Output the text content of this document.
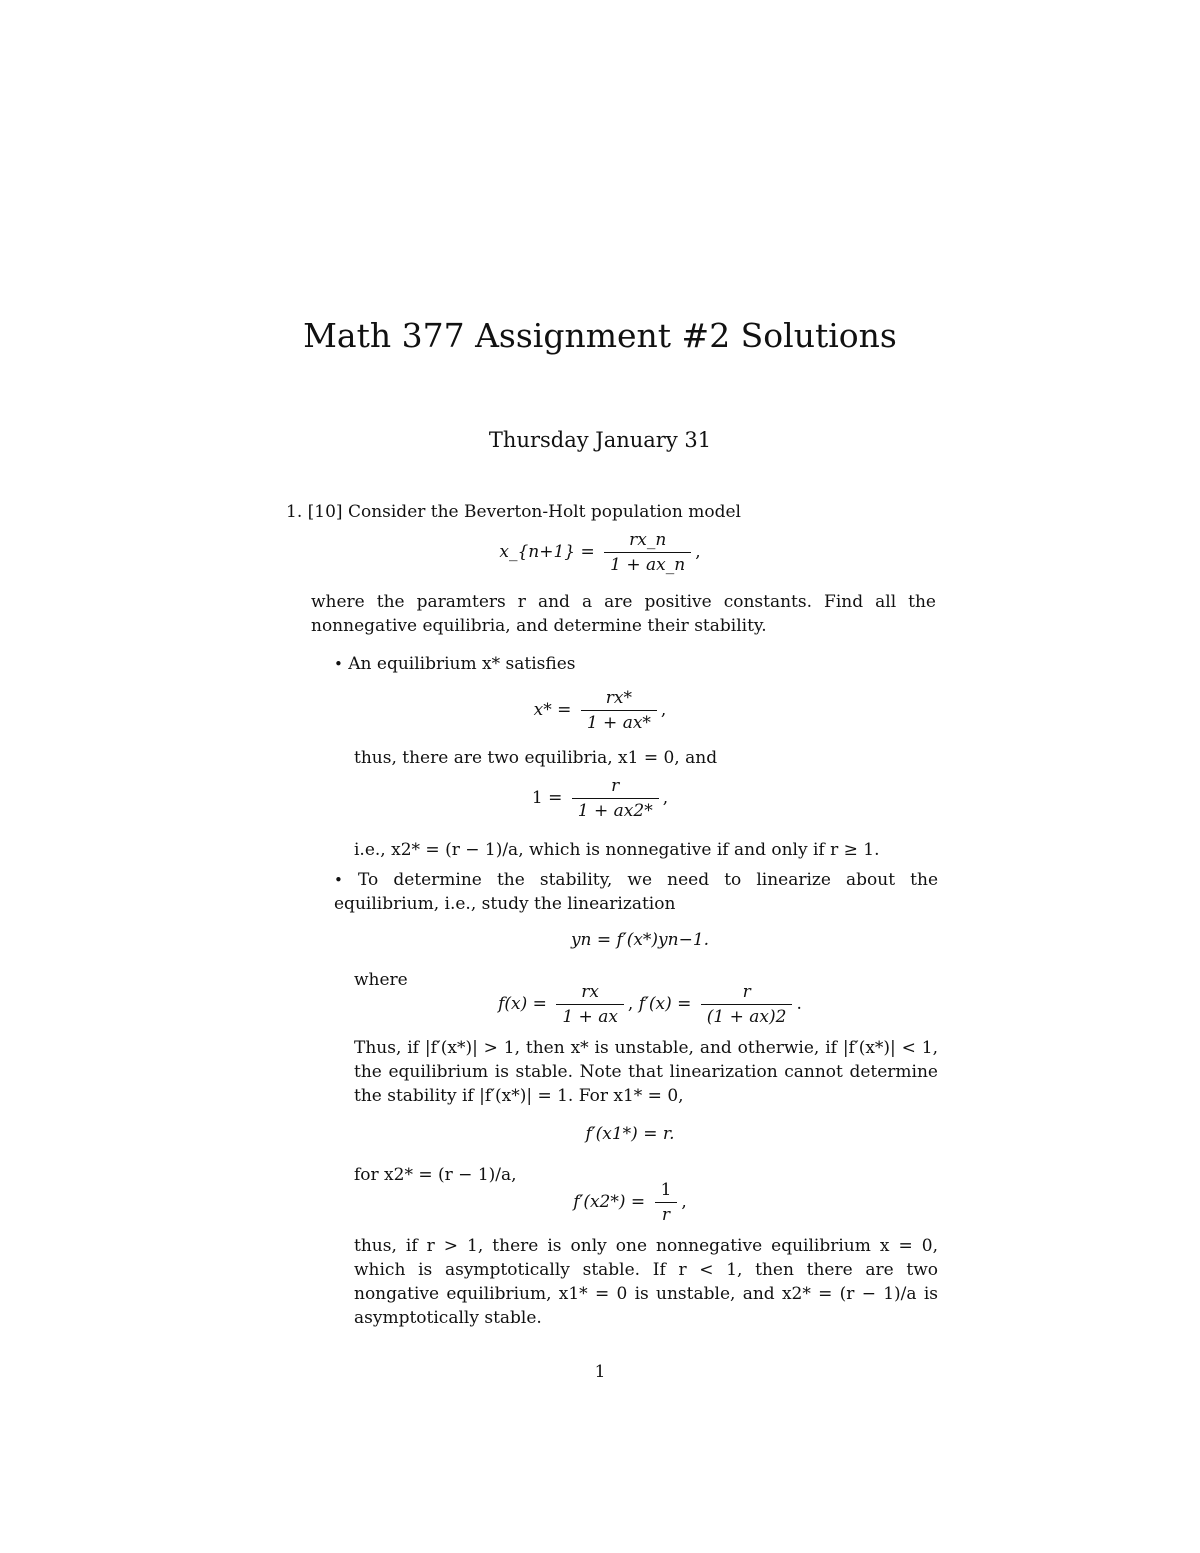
Math 377 Assignment #2 Solutions
Thursday January 31
1. [10] Consider the Beverton-Holt population model
x_{n+1} = $\frac{rx\_n}{1 + ax\_n}$ ,
where the paramters r and a are positive constants. Find all the nonnegative equilibria, and determine their stability.
• An equilibrium x* satisfies
$x* = \frac{rx*}{1 + ax*}$ ,
thus, there are two equilibria, x1 = 0, and
$1 = \frac{r}{1 + ax2*}$ ,
i.e., x2* = (r − 1)/a, which is nonnegative if and only if r ≥ 1.
• To determine the stability, we need to linearize about the equilibrium, i.e., study the linearization
yn = f′(x*)yn−1.
where
$f(x) = \frac{rx}{1 + ax}$ , $f'(x) = \frac{r}{(1 + ax)2}$ .
Thus, if |f′(x*)| > 1, then x* is unstable, and otherwie, if |f′(x*)| < 1, the equilibrium is stable. Note that linearization cannot determine the stability if |f′(x*)| = 1. For x1* = 0,
f′(x1*) = r.
for x2* = (r − 1)/a,
$f'(x2*) = \frac{1}{r}$ ,
thus, if r > 1, there is only one nonnegative equilibrium x = 0, which is asymptotically stable. If r < 1, then there are two nongative equilibrium, x1* = 0 is unstable, and x2* = (r − 1)/a is asymptotically stable.
1
